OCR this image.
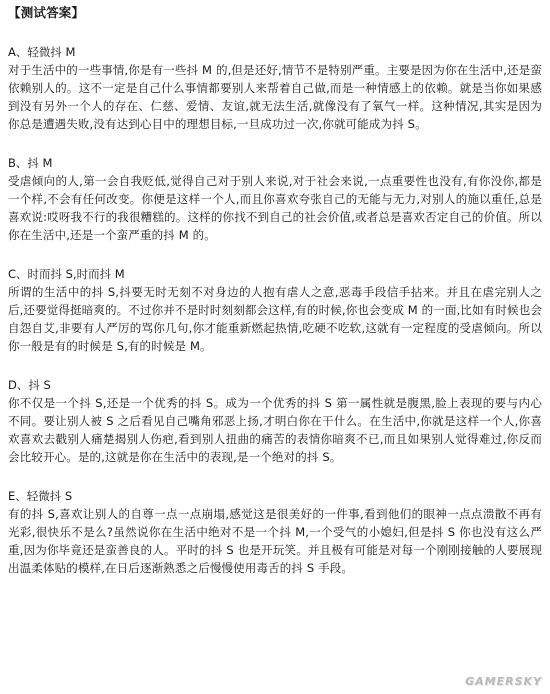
【测试答案】

A、轻微抖 M

对于生活中的一些事情,你是有一些抖 M 的,但是还好,情节不是特别严重。主要是因为你在生活中,还是蛮依赖别人的。这不一定是自己什么事情都要别人来帮着自己做,而是一种情感上的依赖。就是当你如果感到没有另外一个人的存在、仁慈、爱情、友谊,就无法生活,就像没有了氧气一样。这种情况,其实是因为你总是遭遇失败,没有达到心目中的理想目标,一旦成功过一次,你就可能成为抖 S。

B、抖 M

受虐倾向的人,第一会自我贬低,觉得自己对于别人来说,对于社会来说,一点重要性也没有,有你没你,都是一个样,不会有任何改变。你便是这样一个人,而且你喜欢夸张自己的无能与无力,对别人的施以重任,总是喜欢说:哎呀我不行的我很糟糕的。这样的你找不到自己的社会价值,或者总是喜欢否定自己的价值。所以你在生活中,还是一个蛮严重的抖 M 的。

C、时而抖 S,时而抖 M

所谓的生活中的抖 S,抖要无时无刻不对身边的人抱有虐人之意,恶毒手段信手拈来。并且在虐完别人之后,还要觉得挺暗爽的。不过你并不是时时刻刻都会这样,有的时候,你也会变成 M 的一面,比如有时候也会自怨自艾,非要有人严厉的骂你几句,你才能重新燃起热情,吃硬不吃软,这就有一定程度的受虐倾向。所以你一般是有的时候是 S,有的时候是 M。

D、抖 S

你不仅是一个抖 S,还是一个优秀的抖 S。成为一个优秀的抖 S 第一属性就是腹黑,脸上表现的要与内心不同。要让别人被 S 之后看见自己嘴角邪恶上扬,才明白你在干什么。在生活中,你就是这样一个人,你喜欢喜欢去戳别人痛楚揭别人伤疤,看到别人扭曲的痛苦的表情你暗爽不已,而且如果别人觉得难过,你反而会比较开心。是的,这就是你在生活中的表现,是一个绝对的抖 S。

E、轻微抖 S

有的抖 S,喜欢让别人的自尊一点一点崩塌,感觉这是很美好的一件事,看到他们的眼神一点点溃散不再有光彩,很快乐不是么?虽然说你在生活中绝对不是一个抖 M,一个受气的小媳妇,但是抖 S 你也没有这么严重,因为你毕竟还是蛮善良的人。平时的抖 S 也是开玩笑。并且极有可能是对每一个刚刚接触的人要展现出温柔体贴的模样,在日后逐渐熟悉之后慢慢使用毒舌的抖 S 手段。

GAMERSKY
